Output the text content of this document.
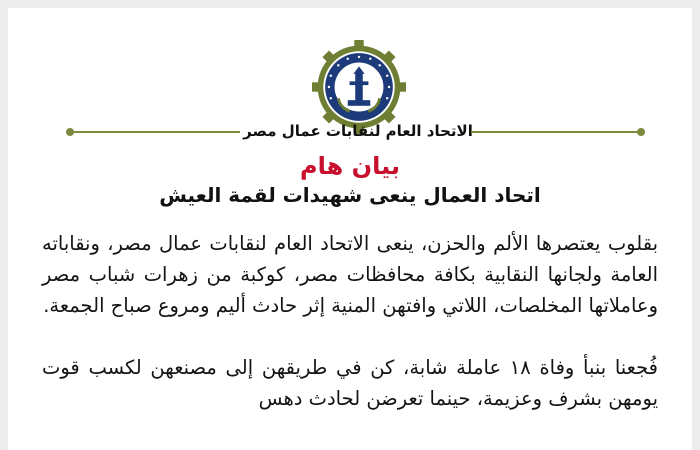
الاتحاد العام لنقابات عمال مصر
بيان هام
اتحاد العمال ينعى شهيدات لقمة العيش

بقلوب يعتصرها الألم والحزن، ينعى الاتحاد العام لنقابات عمال مصر، ونقاباته العامة ولجانها النقابية بكافة محافظات مصر، كوكبة من زهرات شباب مصر وعاملاتها المخلصات، اللاتي وافتهن المنية إثر حادث أليم ومروع صباح الجمعة.

فُجعنا بنبأ وفاة ١٨ عاملة شابة، كن في طريقهن إلى مصنعهن لكسب قوت يومهن بشرف وعزيمة، حينما تعرضن لحادث دهس
